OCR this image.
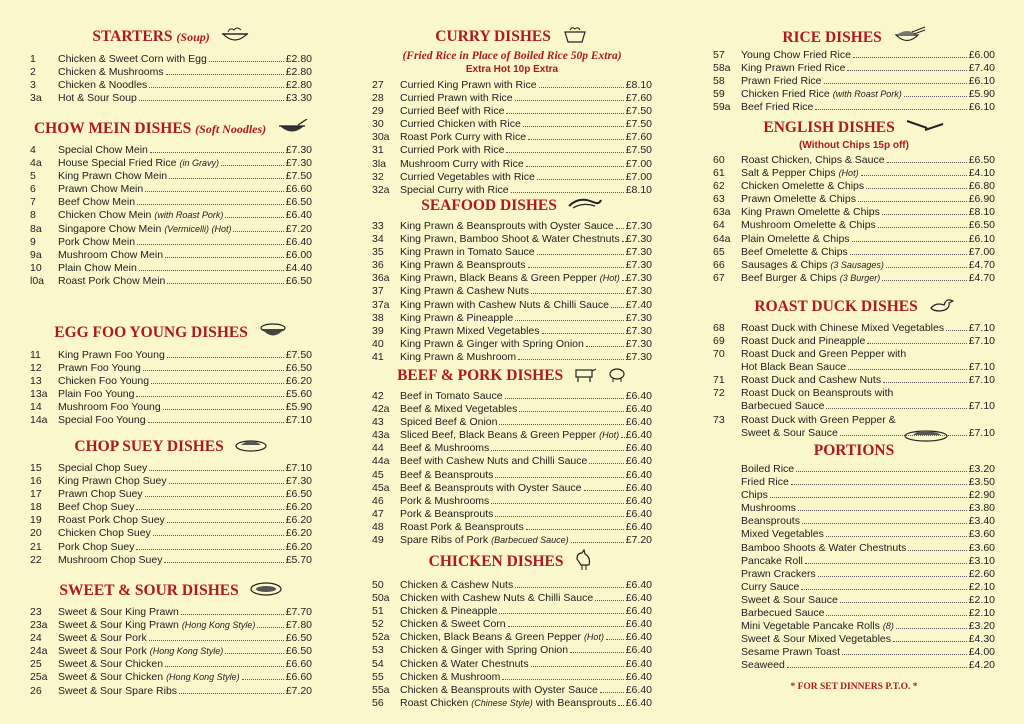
STARTERS (Soup)
1	Chicken & Sweet Corn with Egg	£2.80
2	Chicken & Mushrooms	£2.80
3	Chicken & Noodles	£2.80
3a	Hot & Sour Soup	£3.30
CHOW MEIN DISHES (Soft Noodles)
4	Special Chow Mein	£7.30
4a	House Special Fried Rice (in Gravy)	£7.30
5	King Prawn Chow Mein	£7.50
6	Prawn Chow Mein	£6.60
7	Beef Chow Mein	£6.50
8	Chicken Chow Mein (with Roast Pork)	£6.40
8a	Singapore Chow Mein (Vermicelli) (Hot)	£7.20
9	Pork Chow Mein	£6.40
9a	Mushroom Chow Mein	£6.00
10	Plain Chow Mein	£4.40
l0a	Roast Pork Chow Mein	£6.50
EGG FOO YOUNG DISHES
11	King Prawn Foo Young	£7.50
12	Prawn Foo Young	£6.50
13	Chicken Foo Young	£6.20
13a Plain Foo Young	£5.60
14	Mushroom Foo Young	£5.90
14a Special Foo Young	£7.10
CHOP SUEY DISHES
15	Special Chop Suey	£7.10
16	King Prawn Chop Suey	£7.30
17	Prawn Chop Suey	£6.50
18	Beef Chop Suey	£6.20
19	Roast Pork Chop Suey	£6.20
20	Chicken Chop Suey	£6.20
21	Pork Chop Suey	£6.20
22	Mushroom Chop Suey	£5.70
SWEET & SOUR DISHES
23	Sweet & Sour King Prawn	£7.70
23a Sweet & Sour King Prawn (Hong Kong Style)	£7.80
24	Sweet & Sour Pork	£6.50
24a Sweet & Sour Pork (Hong Kong Style)	£6.50
25	Sweet & Sour Chicken	£6.60
25a Sweet & Sour Chicken (Hong Kong Style)	£6.60
26	Sweet & Sour Spare Ribs	£7.20
CURRY DISHES
(Fried Rice in Place of Boiled Rice 50p Extra)
Extra Hot 10p Extra
27	Curried King Prawn with Rice	£8.10
28	Curried Prawn with Rice	£7.60
29	Curried Beef with Rice	£7.50
30	Curried Chicken with Rice	£7.50
30a Roast Pork Curry with Rice	£7.60
31	Curried Pork with Rice	£7.50
3la	Mushroom Curry with Rice	£7.00
32	Curried Vegetables with Rice	£7.00
32a Special Curry with Rice	£8.10
SEAFOOD DISHES
33	King Prawn & Beansprouts with Oyster Sauce £7.30
34	King Prawn, Bamboo Shoot & Water Chestnuts £7.30
35	King Prawn in Tomato Sauce	£7.30
36	King Prawn & Beansprouts	£7.30
36a King Prawn, Black Beans & Green Pepper (Hot) £7.30
37	King Prawn & Cashew Nuts	£7.30
37a King Prawn with Cashew Nuts & Chilli Sauce £7.40
38	King Prawn & Pineapple	£7.30
39	King Prawn Mixed Vegetables	£7.30
40	King Prawn & Ginger with Spring Onion	£7.30
41	King Prawn & Mushroom	£7.30
BEEF & PORK DISHES
42	Beef in Tomato Sauce	£6.40
42a Beef & Mixed Vegetables	£6.40
43	Spiced Beef & Onion	£6.40
43a Sliced Beef, Black Beans & Green Pepper (Hot) £6.40
44	Beef & Mushrooms	£6.40
44a Beef with Cashew Nuts and Chilli Sauce	£6.40
45	Beef & Beansprouts	£6.40
45a Beef & Beansprouts with Oyster Sauce	£6.40
46	Pork & Mushrooms	£6.40
47	Pork & Beansprouts	£6.40
48	Roast Pork & Beansprouts	£6.40
49	Spare Ribs of Pork (Barbecued Sauce)	£7.20
CHICKEN DISHES
50	Chicken & Cashew Nuts	£6.40
50a Chicken with Cashew Nuts & Chilli Sauce	£6.40
51	Chicken & Pineapple	£6.40
52	Chicken & Sweet Corn	£6.40
52a Chicken, Black Beans & Green Pepper (Hot) £6.40
53	Chicken & Ginger with Spring Onion	£6.40
54	Chicken & Water Chestnuts	£6.40
55	Chicken & Mushroom	£6.40
55a Chicken & Beansprouts with Oyster Sauce	£6.40
56	Roast Chicken (Chinese Style) with Beansprouts £6.40
RICE DISHES
57	Young Chow Fried Rice	£6.00
58a King Prawn Fried Rice	£7.40
58	Prawn Fried Rice	£6.10
59	Chicken Fried Rice (with Roast Pork)	£5.90
59a Beef Fried Rice	£6.10
ENGLISH DISHES
(Without Chips 15p off)
60	Roast Chicken, Chips & Sauce	£6.50
61	Salt & Pepper Chips (Hot)	£4.10
62	Chicken Omelette & Chips	£6.80
63	Prawn Omelette & Chips	£6.90
63a King Prawn Omelette & Chips	£8.10
64	Mushroom Omelette & Chips	£6.50
64a Plain Omelette & Chips	£6.10
65	Beef Omelette & Chips	£7.00
66	Sausages & Chips (3 Sausages)	£4.70
67	Beef Burger & Chips (3 Burger)	£4.70
ROAST DUCK DISHES
68	Roast Duck with Chinese Mixed Vegetables £7.10
69	Roast Duck and Pineapple	£7.10
70	Roast Duck and Green Pepper with
Hot Black Bean Sauce	£7.10
71	Roast Duck and Cashew Nuts	£7.10
72	Roast Duck on Beansprouts with
Barbecued Sauce	£7.10
73	Roast Duck with Green Pepper &
Sweet & Sour Sauce	£7.10
PORTIONS
Boiled Rice	£3.20
Fried Rice	£3.50
Chips	£2.90
Mushrooms	£3.80
Beansprouts	£3.40
Mixed Vegetables	£3.60
Bamboo Shoots & Water Chestnuts	£3.60
Pancake Roll	£3.10
Prawn Crackers	£2.60
Curry Sauce	£2.10
Sweet & Sour Sauce	£2.10
Barbecued Sauce	£2.10
Mini Vegetable Pancake Rolls (8)	£3.20
Sweet & Sour Mixed Vegetables	£4.30
Sesame Prawn Toast	£4.00
Seaweed	£4.20
* FOR SET DINNERS P.T.O. *
